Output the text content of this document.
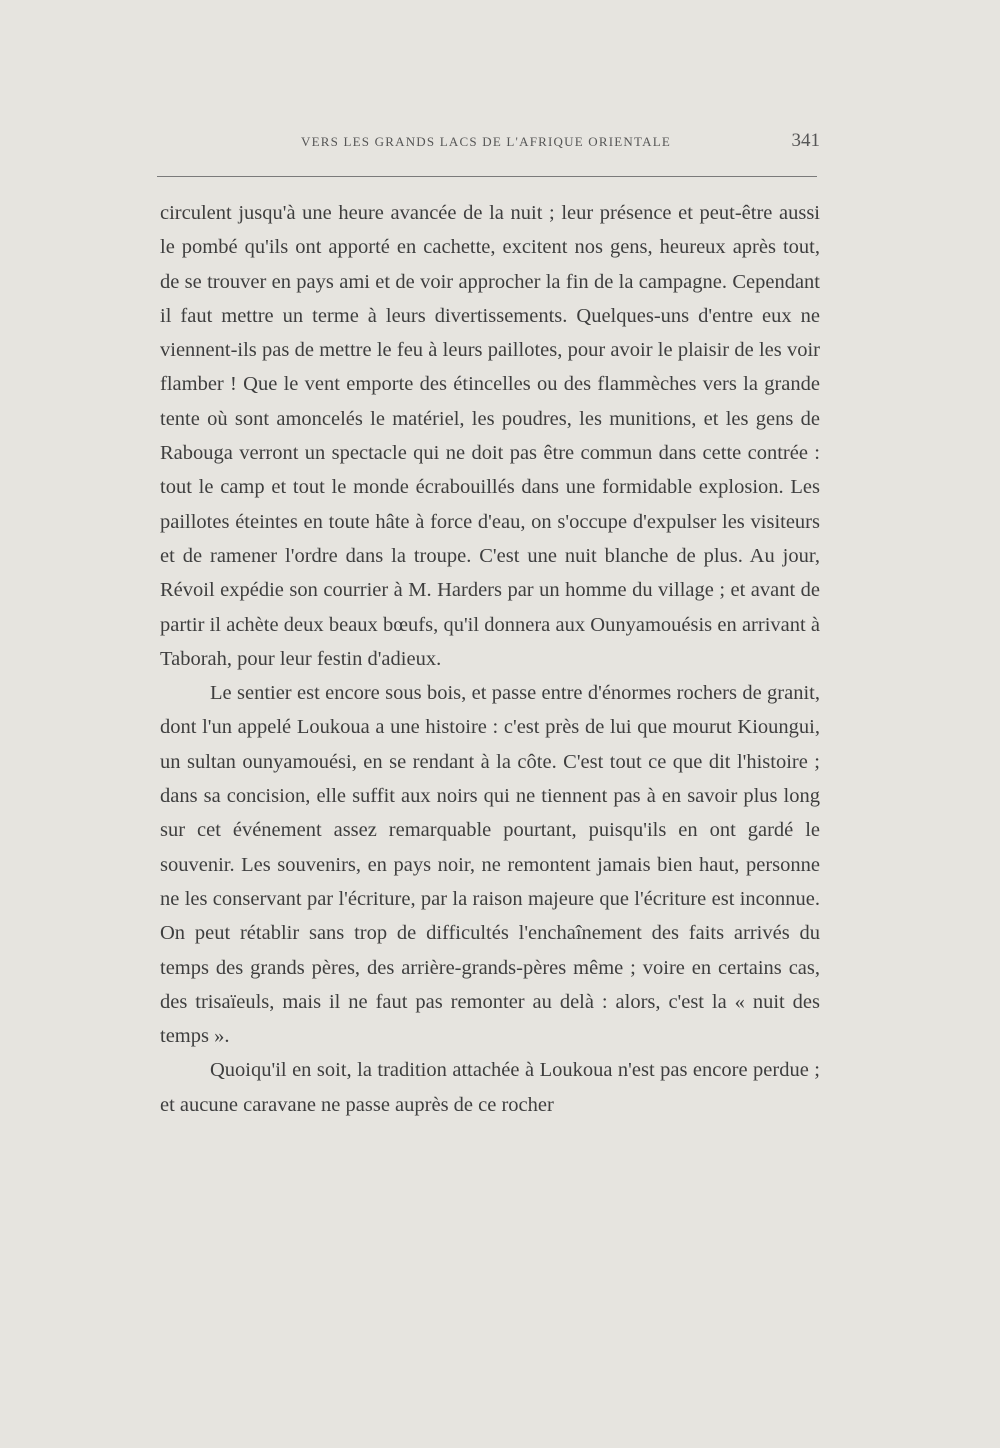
VERS LES GRANDS LACS DE L'AFRIQUE ORIENTALE	341

circulent jusqu'à une heure avancée de la nuit ; leur présence et peut-être aussi le pombé qu'ils ont apporté en cachette, excitent nos gens, heureux après tout, de se trouver en pays ami et de voir approcher la fin de la campagne. Cependant il faut mettre un terme à leurs divertissements. Quelques-uns d'entre eux ne viennent-ils pas de mettre le feu à leurs paillotes, pour avoir le plaisir de les voir flamber ! Que le vent emporte des étincelles ou des flammèches vers la grande tente où sont amoncelés le matériel, les poudres, les munitions, et les gens de Rabouga verront un spectacle qui ne doit pas être commun dans cette contrée : tout le camp et tout le monde écrabouillés dans une formidable explosion. Les paillotes éteintes en toute hâte à force d'eau, on s'occupe d'expulser les visiteurs et de ramener l'ordre dans la troupe. C'est une nuit blanche de plus. Au jour, Révoil expédie son courrier à M. Harders par un homme du village ; et avant de partir il achète deux beaux bœufs, qu'il donnera aux Ounyamouésis en arrivant à Taborah, pour leur festin d'adieux.

Le sentier est encore sous bois, et passe entre d'énormes rochers de granit, dont l'un appelé Loukoua a une histoire : c'est près de lui que mourut Kioungui, un sultan ounyamouési, en se rendant à la côte. C'est tout ce que dit l'histoire ; dans sa concision, elle suffit aux noirs qui ne tiennent pas à en savoir plus long sur cet événement assez remarquable pourtant, puisqu'ils en ont gardé le souvenir. Les souvenirs, en pays noir, ne remontent jamais bien haut, personne ne les conservant par l'écriture, par la raison majeure que l'écriture est inconnue. On peut rétablir sans trop de difficultés l'enchaînement des faits arrivés du temps des grands pères, des arrière-grands-pères même ; voire en certains cas, des trisaïeuls, mais il ne faut pas remonter au delà : alors, c'est la « nuit des temps ».

Quoiqu'il en soit, la tradition attachée à Loukoua n'est pas encore perdue ; et aucune caravane ne passe auprès de ce rocher
